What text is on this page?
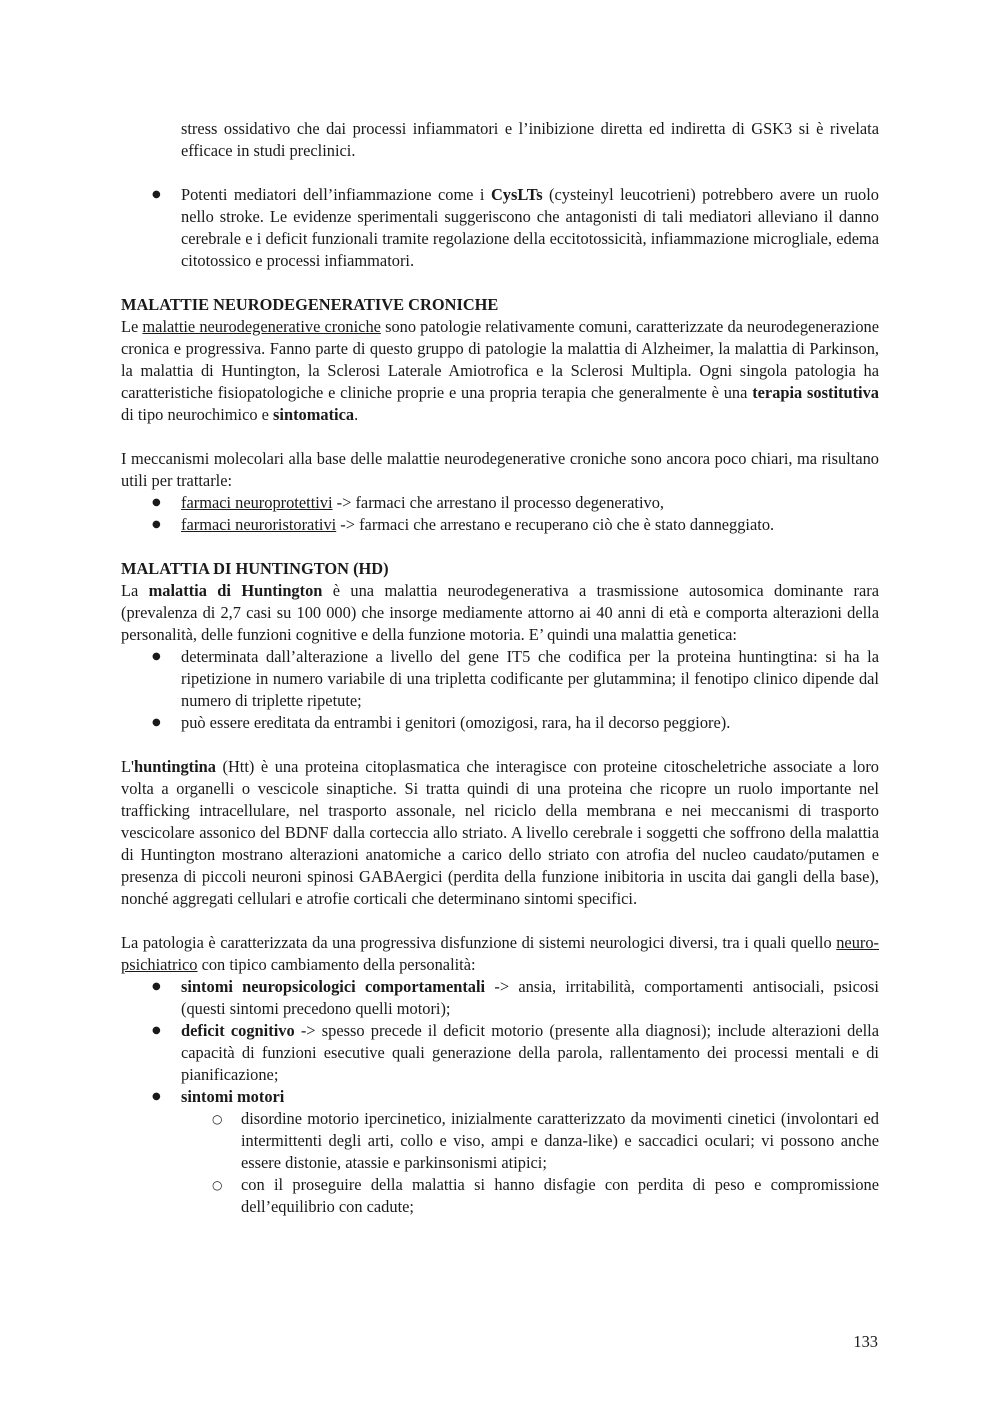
stress ossidativo che dai processi infiammatori e l’inibizione diretta ed indiretta di GSK3 si è rivelata efficace in studi preclinici.

● Potenti mediatori dell’infiammazione come i CysLTs (cysteinyl leucotrieni) potrebbero avere un ruolo nello stroke. Le evidenze sperimentali suggeriscono che antagonisti di tali mediatori alleviano il danno cerebrale e i deficit funzionali tramite regolazione della eccitotossicità, infiammazione microgliale, edema citotossico e processi infiammatori.
MALATTIE NEURODEGENERATIVE CRONICHE

Le malattie neurodegenerative croniche sono patologie relativamente comuni, caratterizzate da neurodegenerazione cronica e progressiva. Fanno parte di questo gruppo di patologie la malattia di Alzheimer, la malattia di Parkinson, la malattia di Huntington, la Sclerosi Laterale Amiotrofica e la Sclerosi Multipla. Ogni singola patologia ha caratteristiche fisiopatologiche e cliniche proprie e una propria terapia che generalmente è una terapia sostitutiva di tipo neurochimico e sintomatica.

I meccanismi molecolari alla base delle malattie neurodegenerative croniche sono ancora poco chiari, ma risultano utili per trattarle:

● farmaci neuroprotettivi -> farmaci che arrestano il processo degenerativo,
● farmaci neuroristorativi -> farmaci che arrestano e recuperano ciò che è stato danneggiato.
MALATTIA DI HUNTINGTON (HD)

La malattia di Huntington è una malattia neurodegenerativa a trasmissione autosomica dominante rara (prevalenza di 2,7 casi su 100 000) che insorge mediamente attorno ai 40 anni di età e comporta alterazioni della personalità, delle funzioni cognitive e della funzione motoria. E’ quindi una malattia genetica:

● determinata dall’alterazione a livello del gene IT5 che codifica per la proteina huntingtina: si ha la ripetizione in numero variabile di una tripletta codificante per glutammina; il fenotipo clinico dipende dal numero di triplette ripetute;
● può essere ereditata da entrambi i genitori (omozigosi, rara, ha il decorso peggiore).

L'huntingtina (Htt) è una proteina citoplasmatica che interagisce con proteine citoscheletriche associate a loro volta a organelli o vescicole sinaptiche. Si tratta quindi di una proteina che ricopre un ruolo importante nel trafficking intracellulare, nel trasporto assonale, nel riciclo della membrana e nei meccanismi di trasporto vescicolare assonico del BDNF dalla corteccia allo striato. A livello cerebrale i soggetti che soffrono della malattia di Huntington mostrano alterazioni anatomiche a carico dello striato con atrofia del nucleo caudato/putamen e presenza di piccoli neuroni spinosi GABAergici (perdita della funzione inibitoria in uscita dai gangli della base), nonché aggregati cellulari e atrofie corticali che determinano sintomi specifici.

La patologia è caratterizzata da una progressiva disfunzione di sistemi neurologici diversi, tra i quali quello neuro-psichiatrico con tipico cambiamento della personalità:

● sintomi neuropsicologici comportamentali -> ansia, irritabilità, comportamenti antisociali, psicosi (questi sintomi precedono quelli motori);
● deficit cognitivo -> spesso precede il deficit motorio (presente alla diagnosi); include alterazioni della capacità di funzioni esecutive quali generazione della parola, rallentamento dei processi mentali e di pianificazione;
● sintomi motori
○ disordine motorio ipercinetico, inizialmente caratterizzato da movimenti cinetici (involontari ed intermittenti degli arti, collo e viso, ampi e danza-like) e saccadici oculari; vi possono anche essere distonie, atassie e parkinsonismi atipici;
○ con il proseguire della malattia si hanno disfagie con perdita di peso e compromissione dell’equilibrio con cadute;
133
